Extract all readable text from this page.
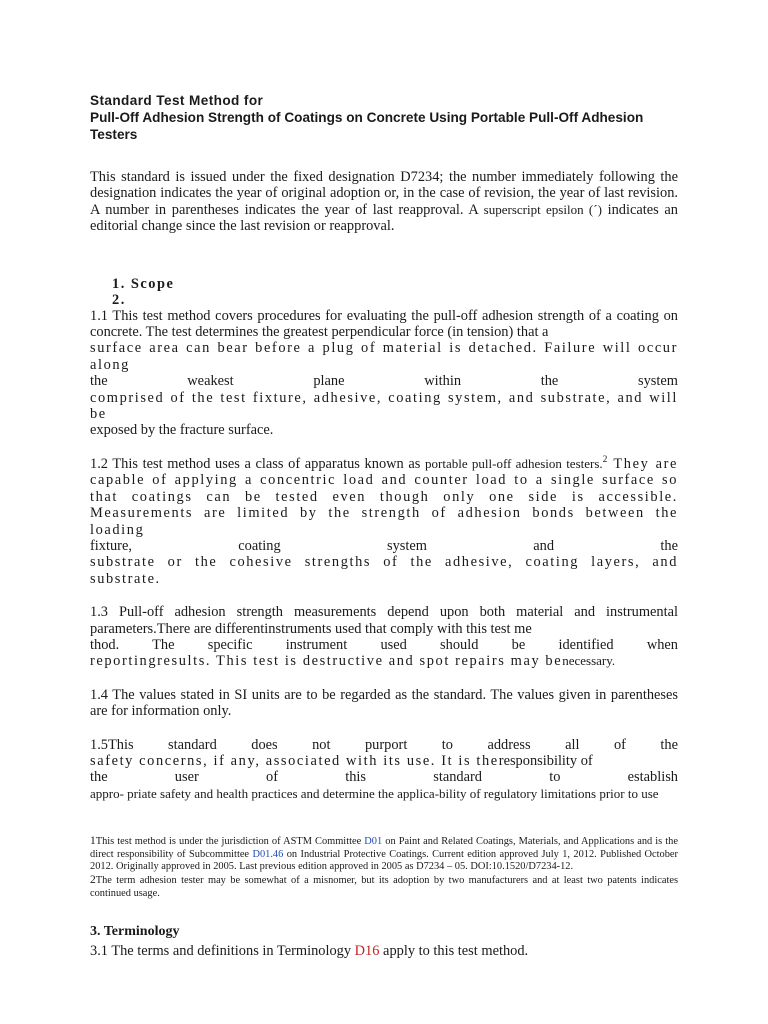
Standard Test Method for
Pull-Off Adhesion Strength of Coatings on Concrete Using Portable Pull-Off Adhesion Testers

This standard is issued under the fixed designation D7234; the number immediately following the designation indicates the year of original adoption or, in the case of revision, the year of last revision. A number in parentheses indicates the year of last reapproval. A superscript epsilon (´) indicates an editorial change since the last revision or reapproval.

1. Scope
2.

1.1 This test method covers procedures for evaluating the pull-off adhesion strength of a coating on concrete. The test determines the greatest perpendicular force (in tension) that a

surface area can bear before a plug of material is detached. Failure will occur along

the weakest plane within the system

comprised of the test fixture, adhesive, coating system, and substrate, and will be

exposed by the fracture surface.

1.2 This test method uses a class of apparatus known as portable pull-off adhesion testers.$^2$ They are capable of applying a concentric load and counter load to a single surface so that coatings can be tested even though only one side is accessible. Measurements are limited by the strength of adhesion bonds between the loading

fixture, coating system and the

substrate or the cohesive strengths of the adhesive, coating layers, and substrate.

1.3 Pull-off adhesion strength measurements depend upon both material and instrumental parameters.There are differentinstruments used that comply with this test me

thod. The specific instrument used should be identified when

reportingresults. This test is destructive and spot repairs may benecessary.

1.4 The values stated in SI units are to be regarded as the standard. The values given in parentheses are for information only.

1.5This standard does not purport to address all of the

safety concerns, if any, associated with its use. It is theresponsibility of

the user of this standard to establish

appro- priate safety and health practices and determine the applica-bility of regulatory limitations prior to use

1This test method is under the jurisdiction of ASTM Committee D01 on Paint and Related Coatings, Materials, and Applications and is the direct responsibility of Subcommittee D01.46 on Industrial Protective Coatings. Current edition approved July 1, 2012. Published October 2012. Originally approved in 2005. Last previous edition approved in 2005 as D7234 – 05. DOI:10.1520/D7234-12.
2The term adhesion tester may be somewhat of a misnomer, but its adoption by two manufacturers and at least two patents indicates continued usage.
3. Terminology

3.1 The terms and definitions in Terminology D16 apply to this test method.
